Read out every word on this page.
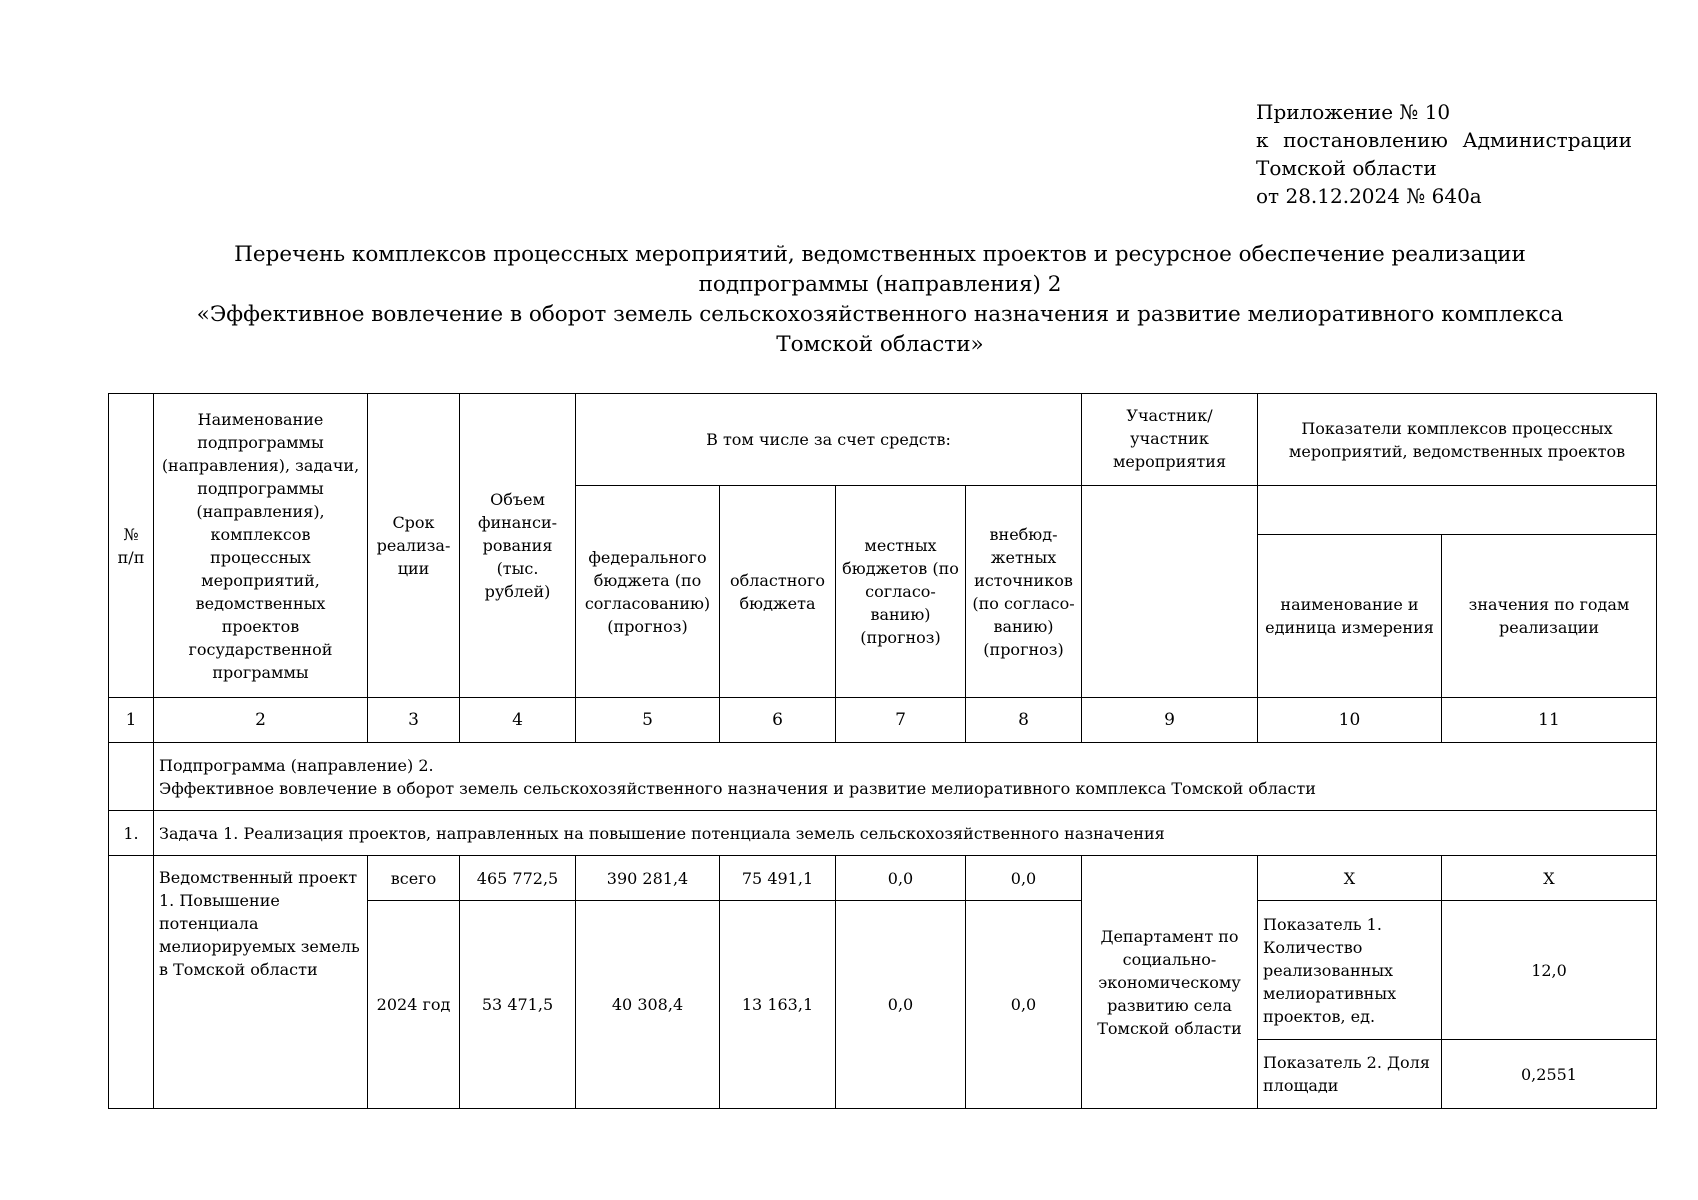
Приложение № 10
к постановлению Администрации
Томской области
от 28.12.2024 № 640а
Перечень комплексов процессных мероприятий, ведомственных проектов и ресурсное обеспечение реализации
подпрограммы (направления) 2
«Эффективное вовлечение в оборот земель сельскохозяйственного назначения и развитие мелиоративного комплекса
Томской области»
№ п/п	Наименование подпрограммы (направления), задачи, подпрограммы (направления), комплексов процессных мероприятий, ведомственных проектов государственной программы	Срок реализа-ции	Объем финанси-рования (тыс. рублей)	В том числе за счет средств:				Участник/ участник мероприятия	Показатели комплексов процессных мероприятий, ведомственных проектов	
				федерального бюджета (по согласованию) (прогноз)	областного бюджета	местных бюджетов (по согласо-ванию) (прогноз)	внебюд-жетных источников (по согласо-ванию) (прогноз)			
									наименование и единица измерения	значения по годам реализации
1	2	3	4	5	6	7	8	9	10	11

	Подпрограмма (направление) 2.
Эффективное вовлечение в оборот земель сельскохозяйственного назначения и развитие мелиоративного комплекса Томской области									

1.	Задача 1. Реализация проектов, направленных на повышение потенциала земель сельскохозяйственного назначения									
	Ведомственный проект 1. Повышение потенциала мелиорируемых земель в Томской области	всего	465 772,5	390 281,4	75 491,1	0,0	0,0	Департамент по социально-экономическому развитию села Томской области	Х	Х
		2024 год	53 471,5	40 308,4	13 163,1	0,0	0,0		Показатель 1. Количество реализованных мелиоративных проектов, ед.	12,0
									Показатель 2. Доля площади	0,2551
